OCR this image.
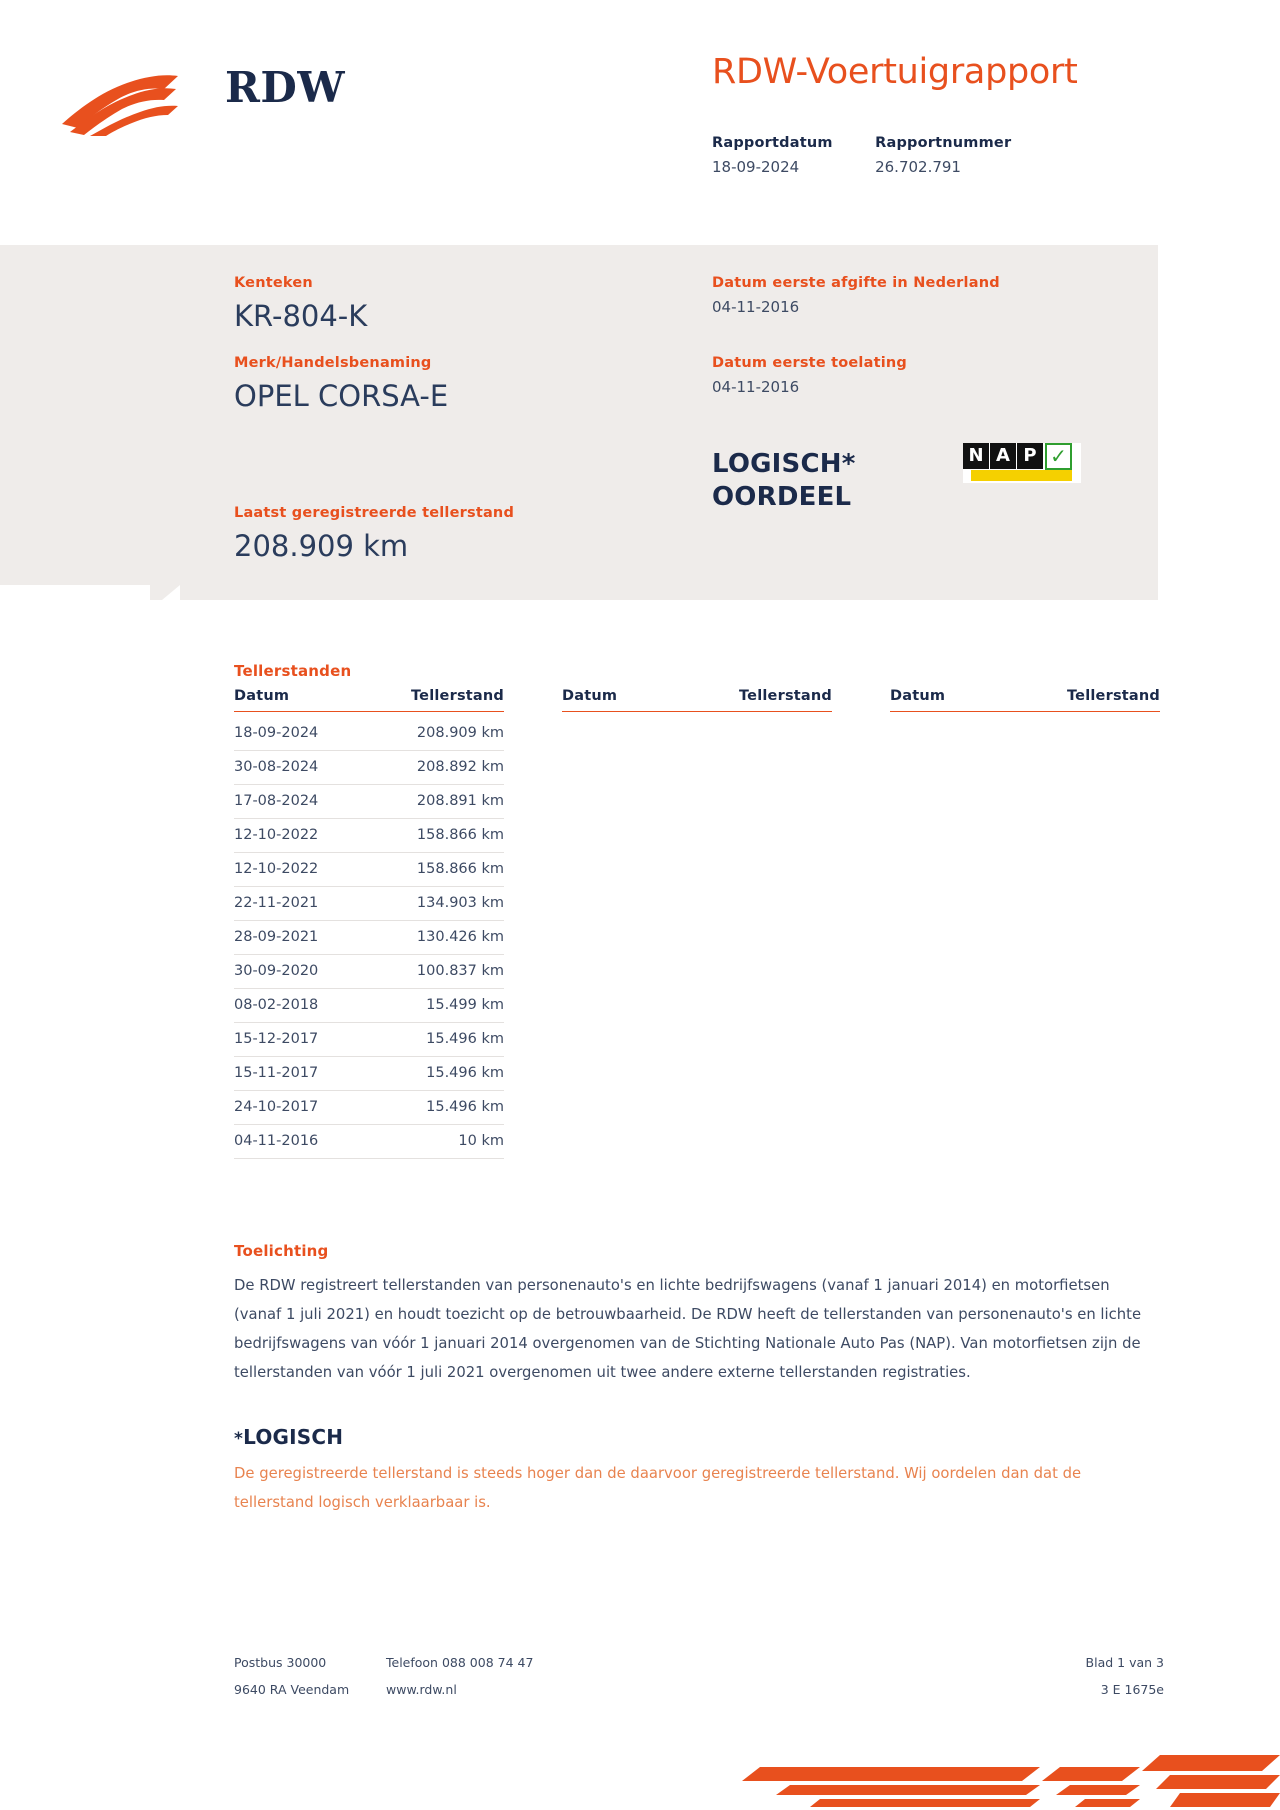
RDW	RDW-Voertuigrapport
Rapportdatum
18-09-2024

Rapportnummer
26.702.791
Kenteken
KR-804-K
Merk/Handelsbenaming
OPEL CORSA-E
Laatst geregistreerde tellerstand
208.909 km
Datum eerste afgifte in Nederland
04-11-2016
Datum eerste toelating
04-11-2016
LOGISCH*
OORDEEL
N A P ✓
Tellerstanden
Datum	Tellerstand
18-09-2024	208.909 km
30-08-2024	208.892 km
17-08-2024	208.891 km
12-10-2022	158.866 km
12-10-2022	158.866 km
22-11-2021	134.903 km
28-09-2021	130.426 km
30-09-2020	100.837 km
08-02-2018	15.499 km
15-12-2017	15.496 km
15-11-2017	15.496 km
24-10-2017	15.496 km
04-11-2016	10 km
Datum	Tellerstand	Datum	Tellerstand
Toelichting
De RDW registreert tellerstanden van personenauto's en lichte bedrijfswagens (vanaf 1 januari 2014) en motorfietsen (vanaf 1 juli 2021) en houdt toezicht op de betrouwbaarheid. De RDW heeft de tellerstanden van personenauto's en lichte bedrijfswagens van vóór 1 januari 2014 overgenomen van de Stichting Nationale Auto Pas (NAP). Van motorfietsen zijn de tellerstanden van vóór 1 juli 2021 overgenomen uit twee andere externe tellerstanden registraties.
*LOGISCH
De geregistreerde tellerstand is steeds hoger dan de daarvoor geregistreerde tellerstand. Wij oordelen dan dat de tellerstand logisch verklaarbaar is.
Postbus 30000	Telefoon 088 008 74 47	Blad 1 van 3
9640 RA Veendam	www.rdw.nl	3 E 1675e
